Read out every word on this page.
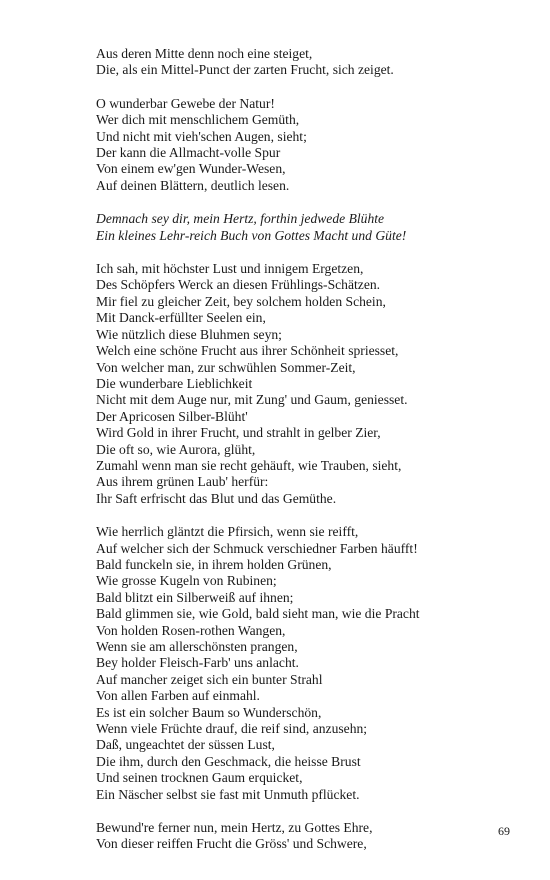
Aus deren Mitte denn noch eine steiget,
Die, als ein Mittel-Punct der zarten Frucht, sich zeiget.
O wunderbar Gewebe der Natur!
Wer dich mit menschlichem Gemüth,
Und nicht mit vieh'schen Augen, sieht;
Der kann die Allmacht-volle Spur
Von einem ew'gen Wunder-Wesen,
Auf deinen Blättern, deutlich lesen.
Demnach sey dir, mein Hertz, forthin jedwede Blühte
Ein kleines Lehr-reich Buch von Gottes Macht und Güte!
Ich sah, mit höchster Lust und innigem Ergetzen,
Des Schöpfers Werck an diesen Frühlings-Schätzen.
Mir fiel zu gleicher Zeit, bey solchem holden Schein,
Mit Danck-erfüllter Seelen ein,
Wie nützlich diese Bluhmen seyn;
Welch eine schöne Frucht aus ihrer Schönheit spriesset,
Von welcher man, zur schwühlen Sommer-Zeit,
Die wunderbare Lieblichkeit
Nicht mit dem Auge nur, mit Zung' und Gaum, geniesset.
Der Apricosen Silber-Blüht'
Wird Gold in ihrer Frucht, und strahlt in gelber Zier,
Die oft so, wie Aurora, glüht,
Zumahl wenn man sie recht gehäuft, wie Trauben, sieht,
Aus ihrem grünen Laub' herfür:
Ihr Saft erfrischt das Blut und das Gemüthe.
Wie herrlich gläntzt die Pfirsich, wenn sie reifft,
Auf welcher sich der Schmuck verschiedner Farben häufft!
Bald funckeln sie, in ihrem holden Grünen,
Wie grosse Kugeln von Rubinen;
Bald blitzt ein Silberweiß auf ihnen;
Bald glimmen sie, wie Gold, bald sieht man, wie die Pracht
Von holden Rosen-rothen Wangen,
Wenn sie am allerschönsten prangen,
Bey holder Fleisch-Farb' uns anlacht.
Auf mancher zeiget sich ein bunter Strahl
Von allen Farben auf einmahl.
Es ist ein solcher Baum so Wunderschön,
Wenn viele Früchte drauf, die reif sind, anzusehn;
Daß, ungeachtet der süssen Lust,
Die ihm, durch den Geschmack, die heisse Brust
Und seinen trocknen Gaum erquicket,
Ein Näscher selbst sie fast mit Unmuth pflücket.
Bewund're ferner nun, mein Hertz, zu Gottes Ehre,
Von dieser reiffen Frucht die Gröss' und Schwere,
69
